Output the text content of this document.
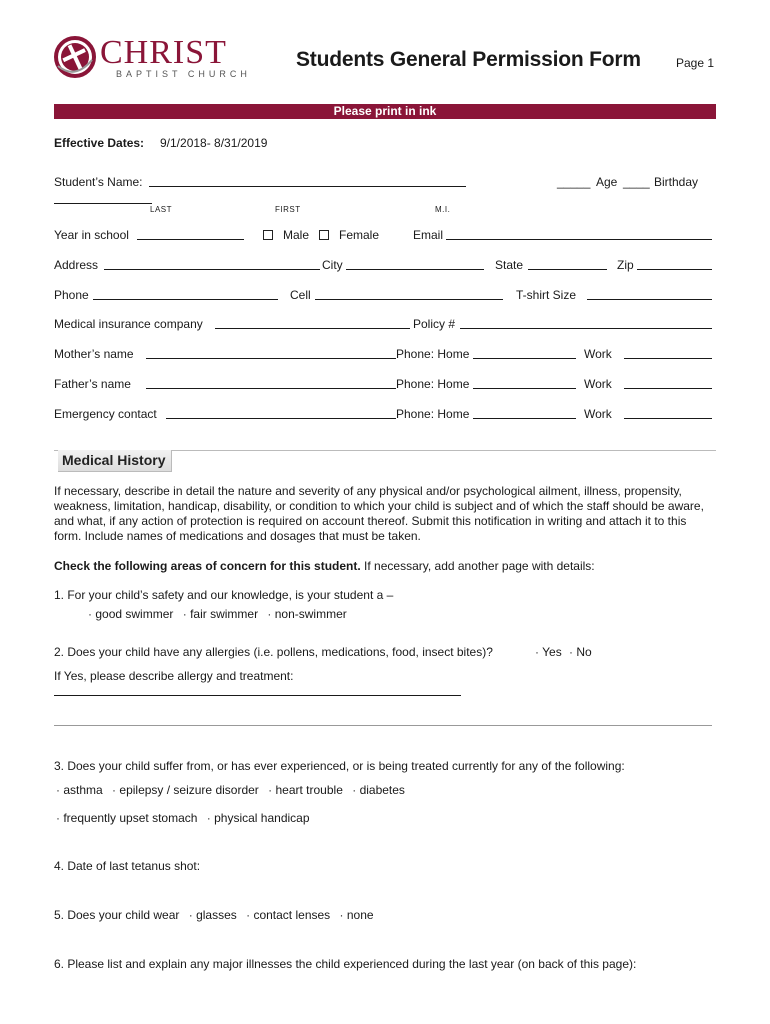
CHRIST
BAPTIST CHURCH
Students General Permission Form	Page 1
Please print in ink
Effective Dates: 9/1/2018- 8/31/2019
Student’s Name:	_____ Age ____ Birthday
LAST	FIRST	M.I.
Year in school	Male Female	Email
Address	City	State	Zip
Phone	Cell	T-shirt Size
Medical insurance company	Policy #
Mother’s name	Phone: Home	Work
Father’s name	Phone: Home	Work
Emergency contact	Phone: Home	Work
Medical History
If necessary, describe in detail the nature and severity of any physical and/or psychological ailment, illness, propensity, weakness, limitation, handicap, disability, or condition to which your child is subject and of which the staff should be aware, and what, if any action of protection is required on account thereof. Submit this notification in writing and attach it to this form. Include names of medications and dosages that must be taken.
Check the following areas of concern for this student. If necessary, add another page with details:
1. For your child’s safety and our knowledge, is your student a –
· good swimmer · fair swimmer · non-swimmer
2. Does your child have any allergies (i.e. pollens, medications, food, insect bites)?	· Yes · No
If Yes, please describe allergy and treatment:
3. Does your child suffer from, or has ever experienced, or is being treated currently for any of the following:
· asthma · epilepsy / seizure disorder · heart trouble · diabetes
· frequently upset stomach · physical handicap
4. Date of last tetanus shot:
5. Does your child wear · glasses · contact lenses · none
6. Please list and explain any major illnesses the child experienced during the last year (on back of this page):
